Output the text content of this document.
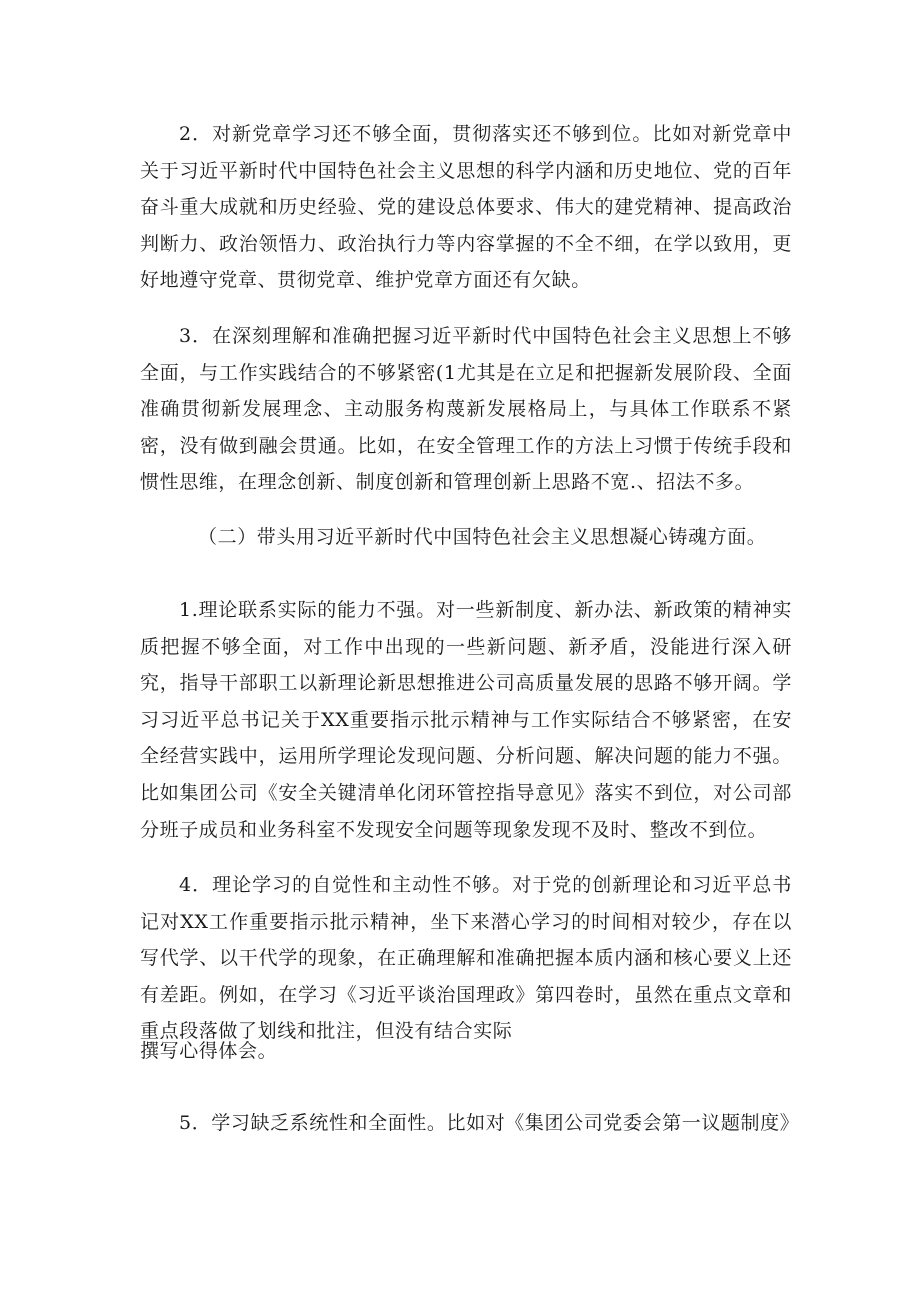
2．对新党章学习还不够全面，贯彻落实还不够到位。比如对新党章中关于习近平新时代中国特色社会主义思想的科学内涵和历史地位、党的百年奋斗重大成就和历史经验、党的建设总体要求、伟大的建党精神、提高政治判断力、政治领悟力、政治执行力等内容掌握的不全不细，在学以致用，更好地遵守党章、贯彻党章、维护党章方面还有欠缺。

3．在深刻理解和准确把握习近平新时代中国特色社会主义思想上不够全面，与工作实践结合的不够紧密(1尤其是在立足和把握新发展阶段、全面准确贯彻新发展理念、主动服务构蔑新发展格局上，与具体工作联系不紧密，没有做到融会贯通。比如，在安全管理工作的方法上习惯于传统手段和惯性思维，在理念创新、制度创新和管理创新上思路不宽.、招法不多。

（二）带头用习近平新时代中国特色社会主义思想凝心铸魂方面。

1.理论联系实际的能力不强。对一些新制度、新办法、新政策的精神实质把握不够全面，对工作中出现的一些新问题、新矛盾，没能进行深入研究，指导干部职工以新理论新思想推进公司高质量发展的思路不够开阔。学习习近平总书记关于XX重要指示批示精神与工作实际结合不够紧密，在安全经营实践中，运用所学理论发现问题、分析问题、解决问题的能力不强。比如集团公司《安全关键清单化闭环管控指导意见》落实不到位，对公司部分班子成员和业务科室不发现安全问题等现象发现不及时、整改不到位。

4．理论学习的自觉性和主动性不够。对于党的创新理论和习近平总书记对XX工作重要指示批示精神，坐下来潜心学习的时间相对较少，存在以写代学、以干代学的现象，在正确理解和准确把握本质内涵和核心要义上还有差距。例如，在学习《习近平谈治国理政》第四卷时，虽然在重点文章和重点段落做了划线和批注，但没有结合实际

撰写心得体会。

5．学习缺乏系统性和全面性。比如对《集团公司党委会第一议题制度》
